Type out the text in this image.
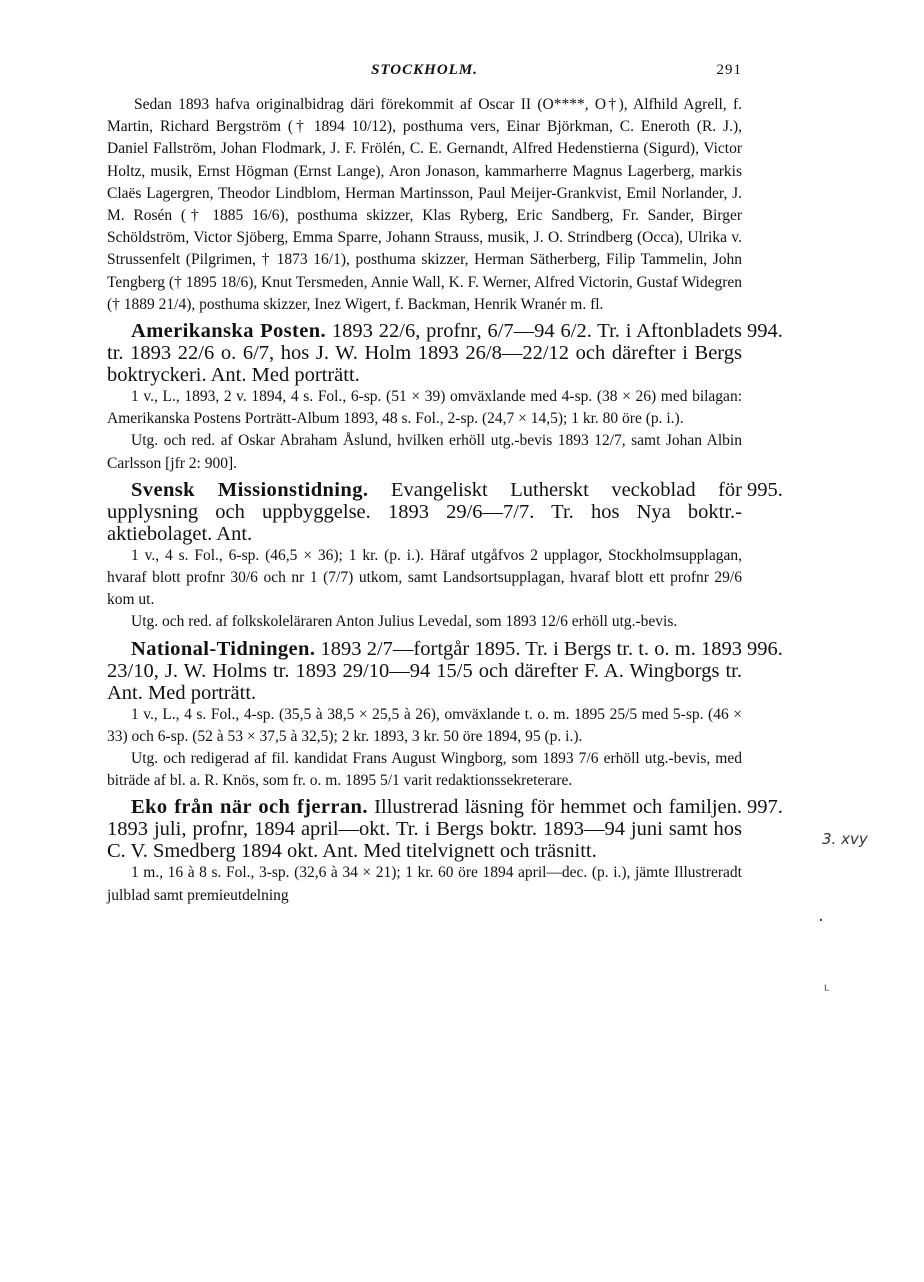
STOCKHOLM.	291

Sedan 1893 hafva originalbidrag däri förekommit af Oscar II (O****, O†), Alfhild Agrell, f. Martin, Richard Bergström († 1894 10/12), posthuma vers, Einar Björkman, C. Eneroth (R. J.), Daniel Fallström, Johan Flodmark, J. F. Frölén, C. E. Gernandt, Alfred Hedenstierna (Sigurd), Victor Holtz, musik, Ernst Högman (Ernst Lange), Aron Jonason, kammarherre Magnus Lagerberg, markis Claës Lagergren, Theodor Lindblom, Herman Martinsson, Paul Meijer-Grankvist, Emil Norlander, J. M. Rosén († 1885 16/6), posthuma skizzer, Klas Ryberg, Eric Sandberg, Fr. Sander, Birger Schöldström, Victor Sjöberg, Emma Sparre, Johann Strauss, musik, J. O. Strindberg (Occa), Ulrika v. Strussenfelt (Pilgrimen, † 1873 16/1), posthuma skizzer, Herman Sätherberg, Filip Tammelin, John Tengberg († 1895 18/6), Knut Tersmeden, Annie Wall, K. F. Werner, Alfred Victorin, Gustaf Widegren († 1889 21/4), posthuma skizzer, Inez Wigert, f. Backman, Henrik Wranér m. fl.

994.

Amerikanska Posten. 1893 22/6, profnr, 6/7—94 6/2. Tr. i Aftonbladets tr. 1893 22/6 o. 6/7, hos J. W. Holm 1893 26/8—22/12 och därefter i Bergs boktryckeri. Ant. Med porträtt.

1 v., L., 1893, 2 v. 1894, 4 s. Fol., 6-sp. (51 × 39) omväxlande med 4-sp. (38 × 26) med bilagan: Amerikanska Postens Porträtt-Album 1893, 48 s. Fol., 2-sp. (24,7 × 14,5); 1 kr. 80 öre (p. i.).

Utg. och red. af Oskar Abraham Åslund, hvilken erhöll utg.-bevis 1893 12/7, samt Johan Albin Carlsson [jfr 2: 900].

995.

Svensk Missionstidning. Evangeliskt Lutherskt veckoblad för upplysning och uppbyggelse. 1893 29/6—7/7. Tr. hos Nya boktr.-aktiebolaget. Ant.

1 v., 4 s. Fol., 6-sp. (46,5 × 36); 1 kr. (p. i.). Häraf utgåfvos 2 upplagor, Stockholmsupplagan, hvaraf blott profnr 30/6 och nr 1 (7/7) utkom, samt Landsortsupplagan, hvaraf blott ett profnr 29/6 kom ut.

Utg. och red. af folkskoleläraren Anton Julius Levedal, som 1893 12/6 erhöll utg.-bevis.

996.

National-Tidningen. 1893 2/7—fortgår 1895. Tr. i Bergs tr. t. o. m. 1893 23/10, J. W. Holms tr. 1893 29/10—94 15/5 och därefter F. A. Wingborgs tr. Ant. Med porträtt.

1 v., L., 4 s. Fol., 4-sp. (35,5 à 38,5 × 25,5 à 26), omväxlande t. o. m. 1895 25/5 med 5-sp. (46 × 33) och 6-sp. (52 à 53 × 37,5 à 32,5); 2 kr. 1893, 3 kr. 50 öre 1894, 95 (p. i.).

Utg. och redigerad af fil. kandidat Frans August Wingborg, som 1893 7/6 erhöll utg.-bevis, med biträde af bl. a. R. Knös, som fr. o. m. 1895 5/1 varit redaktionssekreterare.

997.

Eko från när och fjerran. Illustrerad läsning för hemmet och familjen. 1893 juli, profnr, 1894 april—okt. Tr. i Bergs boktr. 1893—94 juni samt hos C. V. Smedberg 1894 okt. Ant. Med titelvignett och träsnitt.

1 m., 16 à 8 s. Fol., 3-sp. (32,6 à 34 × 21); 1 kr. 60 öre 1894 april—dec. (p. i.), jämte Illustreradt julblad samt premieutdelning

3. xvy
.
ᴸ
